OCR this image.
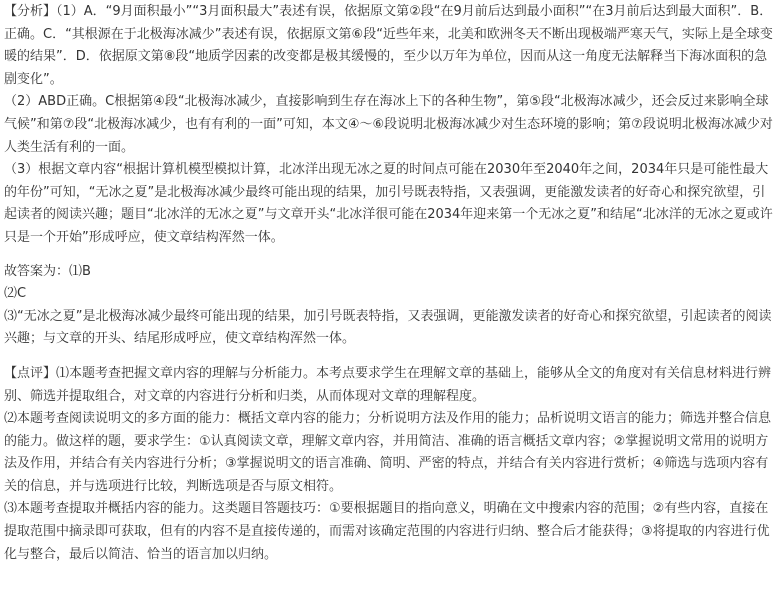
【分析】（1）A．“9月面积最小”“3月面积最大”表述有误，依据原文第②段“在9月前后达到最小面积”“在3月前后达到最大面积”．B．正确。C．“其根源在于北极海冰减少”表述有误，依据原文第⑥段“近些年来，北美和欧洲冬天不断出现极端严寒天气，实际上是全球变暖的结果”．D．依据原文第⑧段“地质学因素的改变都是极其缓慢的，至少以万年为单位，因而从这一角度无法解释当下海冰面积的急剧变化”。

（2）ABD正确。C根据第④段“北极海冰减少，直接影响到生存在海冰上下的各种生物”，第⑤段“北极海冰减少，还会反过来影响全球气候”和第⑦段“北极海冰减少，也有有利的一面”可知，本文④～⑥段说明北极海冰减少对生态环境的影响；第⑦段说明北极海冰减少对人类生活有利的一面。

（3）根据文章内容“根据计算机模型模拟计算，北冰洋出现无冰之夏的时间点可能在2030年至2040年之间，2034年只是可能性最大的年份”可知，“无冰之夏”是北极海冰减少最终可能出现的结果，加引号既表特指，又表强调，更能激发读者的好奇心和探究欲望，引起读者的阅读兴趣；题目“北冰洋的无冰之夏”与文章开头“北冰洋很可能在2034年迎来第一个无冰之夏”和结尾“北冰洋的无冰之夏或许只是一个开始”形成呼应，使文章结构浑然一体。

故答案为：⑴B

⑵C

⑶“无冰之夏”是北极海冰减少最终可能出现的结果，加引号既表特指，又表强调，更能激发读者的好奇心和探究欲望，引起读者的阅读兴趣；与文章的开头、结尾形成呼应，使文章结构浑然一体。

【点评】⑴本题考查把握文章内容的理解与分析能力。本考点要求学生在理解文章的基础上，能够从全文的角度对有关信息材料进行辨别、筛选并提取组合，对文章的内容进行分析和归类，从而体现对文章的理解程度。

⑵本题考查阅读说明文的多方面的能力：概括文章内容的能力；分析说明方法及作用的能力；品析说明文语言的能力；筛选并整合信息的能力。做这样的题，要求学生：①认真阅读文章，理解文章内容，并用简洁、准确的语言概括文章内容；②掌握说明文常用的说明方法及作用，并结合有关内容进行分析；③掌握说明文的语言准确、简明、严密的特点，并结合有关内容进行赏析；④筛选与选项内容有关的信息，并与选项进行比较，判断选项是否与原文相符。

⑶本题考查提取并概括内容的能力。这类题目答题技巧：①要根据题目的指向意义，明确在文中搜索内容的范围；②有些内容，直接在提取范围中摘录即可获取，但有的内容不是直接传递的，而需对该确定范围的内容进行归纳、整合后才能获得；③将提取的内容进行优化与整合，最后以简洁、恰当的语言加以归纳。
